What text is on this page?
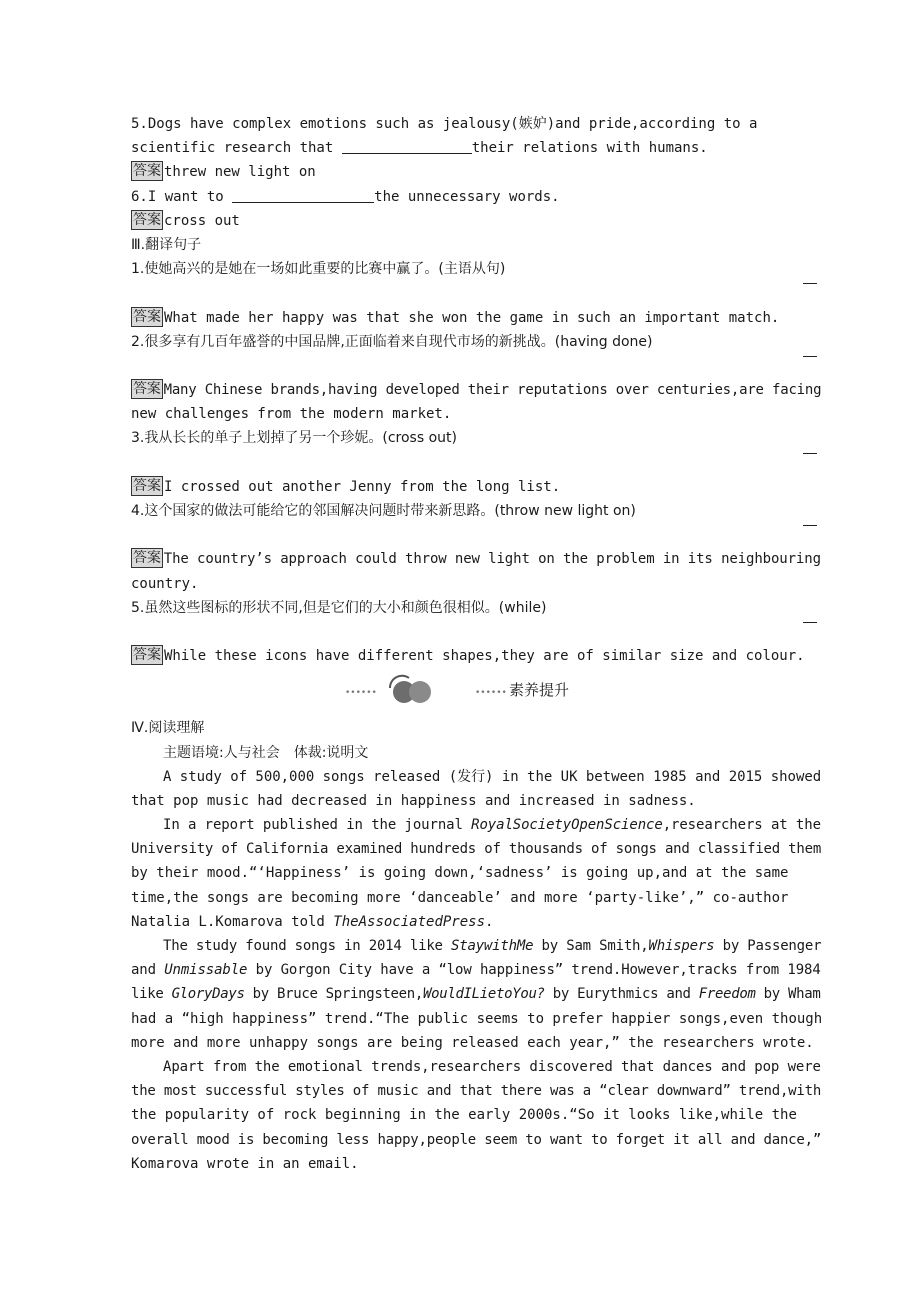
5.Dogs have complex emotions such as jealousy(嫉妒)and pride,according to a
scientific research that	their relations with humans.
答案 threw new light on
6.I want to	the unnecessary words.
答案 cross out
Ⅲ.翻译句子
1.使她高兴的是她在一场如此重要的比赛中赢了。(主语从句)
答案 What made her happy was that she won the game in such an important match.
2.很多享有几百年盛誉的中国品牌,正面临着来自现代市场的新挑战。(having done)
答案 Many Chinese brands,having developed their reputations over centuries,are facing
new challenges from the modern market.
3.我从长长的单子上划掉了另一个珍妮。(cross out)
答案 I crossed out another Jenny from the long list.
4.这个国家的做法可能给它的邻国解决问题时带来新思路。(throw new light on)
答案 The country’s approach could throw new light on the problem in its neighbouring
country.
5.虽然这些图标的形状不同,但是它们的大小和颜色很相似。(while)
答案 While these icons have different shapes,they are of similar size and colour.
••••••	•••••• 素养提升
Ⅳ.阅读理解
主题语境:人与社会　体裁:说明文
A study of 500,000 songs released (发行) in the UK between 1985 and 2015 showed
that pop music had decreased in happiness and increased in sadness.
In a report published in the journal RoyalSocietyOpenScience,researchers at the
University of California examined hundreds of thousands of songs and classified them
by their mood.“‘Happiness’ is going down,‘sadness’ is going up,and at the same
time,the songs are becoming more ‘danceable’ and more ‘party-like’,” co-author
Natalia L.Komarova told TheAssociatedPress.
The study found songs in 2014 like StaywithMe by Sam Smith,Whispers by Passenger
and Unmissable by Gorgon City have a “low happiness” trend.However,tracks from 1984
like GloryDays by Bruce Springsteen,WouldILietoYou? by Eurythmics and Freedom by Wham
had a “high happiness” trend.“The public seems to prefer happier songs,even though
more and more unhappy songs are being released each year,” the researchers wrote.
Apart from the emotional trends,researchers discovered that dances and pop were
the most successful styles of music and that there was a “clear downward” trend,with
the popularity of rock beginning in the early 2000s.“So it looks like,while the
overall mood is becoming less happy,people seem to want to forget it all and dance,”
Komarova wrote in an email.
